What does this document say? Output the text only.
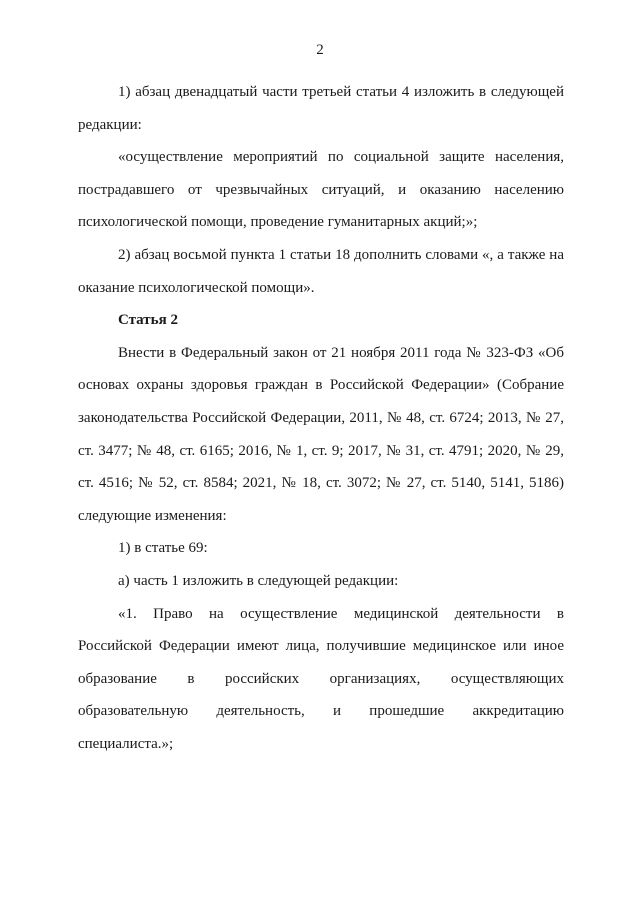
2

1) абзац двенадцатый части третьей статьи 4 изложить в следующей редакции:

«осуществление мероприятий по социальной защите населения, пострадавшего от чрезвычайных ситуаций, и оказанию населению психологической помощи, проведение гуманитарных акций;»;

2) абзац восьмой пункта 1 статьи 18 дополнить словами «, а также на оказание психологической помощи».

Статья 2

Внести в Федеральный закон от 21 ноября 2011 года № 323-ФЗ «Об основах охраны здоровья граждан в Российской Федерации» (Собрание законодательства Российской Федерации, 2011, № 48, ст. 6724; 2013, № 27, ст. 3477; № 48, ст. 6165; 2016, № 1, ст. 9; 2017, № 31, ст. 4791; 2020, № 29, ст. 4516; № 52, ст. 8584; 2021, № 18, ст. 3072; № 27, ст. 5140, 5141, 5186) следующие изменения:

1) в статье 69:

а) часть 1 изложить в следующей редакции:

«1. Право на осуществление медицинской деятельности в Российской Федерации имеют лица, получившие медицинское или иное образование в российских организациях, осуществляющих образовательную деятельность, и прошедшие аккредитацию специалиста.»;
